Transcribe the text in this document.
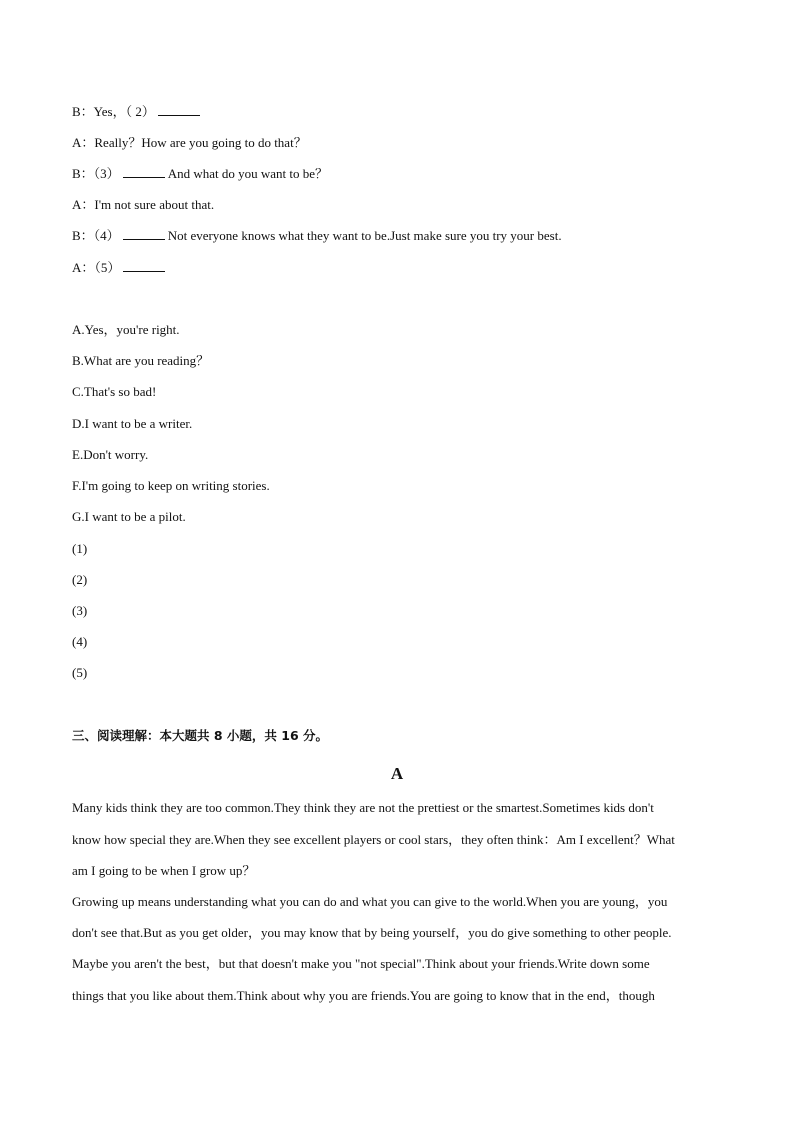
B：Yes，（ 2）
A：Really？How are you going to do that？
B：（3）	And what do you want to be？
A：I'm not sure about that.
B：（4）	Not everyone knows what they want to be.Just make sure you try your best.
A：（5）
A.Yes，you're right.
B.What are you reading？
C.That's so bad!
D.I want to be a writer.
E.Don't worry.
F.I'm going to keep on writing stories.
G.I want to be a pilot.
(1)
(2)
(3)
(4)
(5)
三、阅读理解：本大题共 8 小题，共 16 分。
A
Many kids think they are too common.They think they are not the prettiest or the smartest.Sometimes kids don't
know how special they are.When they see excellent players or cool stars，they often think：Am I excellent？What
am I going to be when I grow up？
Growing up means understanding what you can do and what you can give to the world.When you are young，you
don't see that.But as you get older，you may know that by being yourself，you do give something to other people.
Maybe you aren't the best，but that doesn't make you "not special".Think about your friends.Write down some
things that you like about them.Think about why you are friends.You are going to know that in the end，though
